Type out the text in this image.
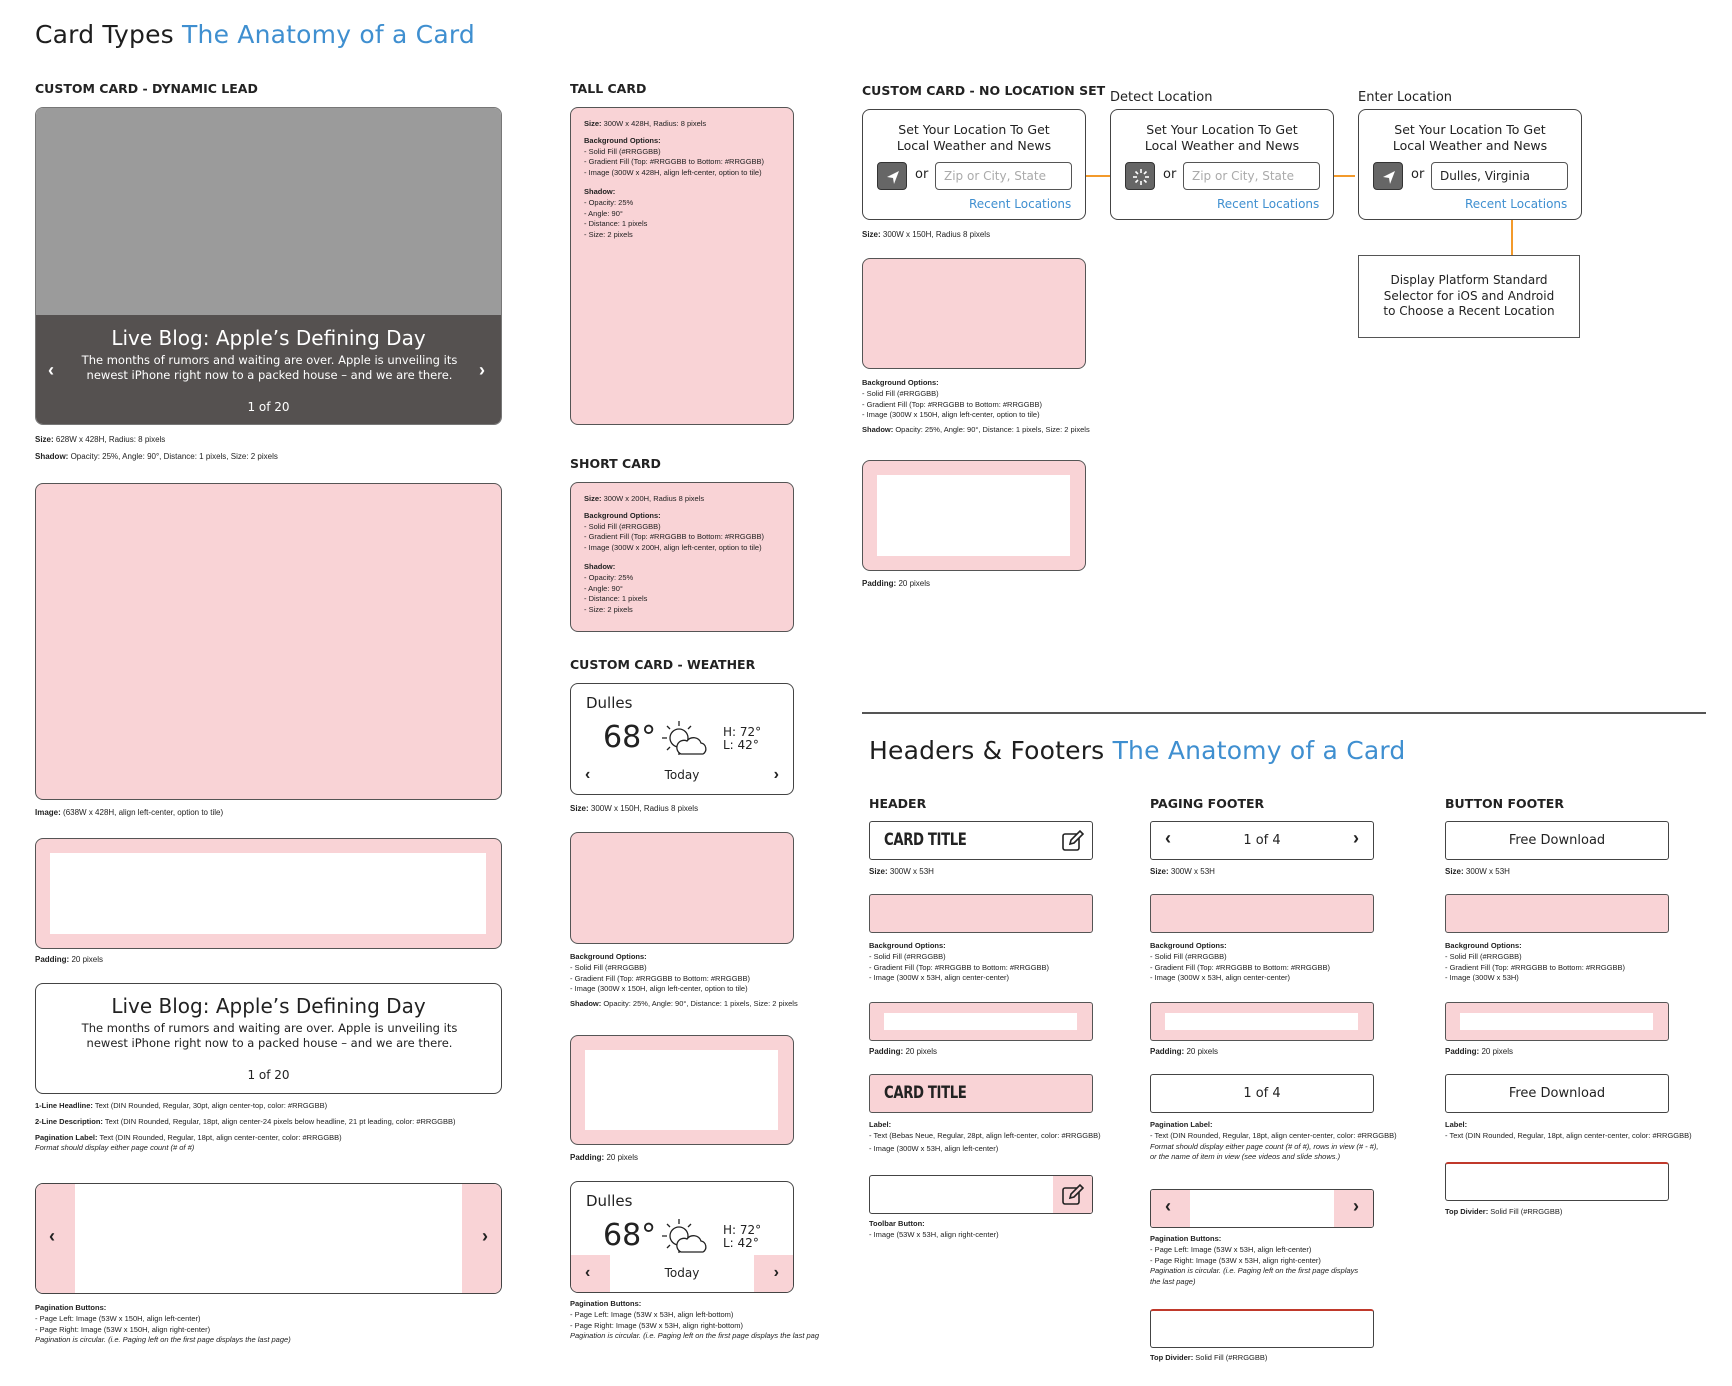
Card Types The Anatomy of a Card
CUSTOM CARD - DYNAMIC LEAD
Live Blog: Apple’s Defining Day
The months of rumors and waiting are over. Apple is unveiling its newest iPhone right now to a packed house – and we are there.
1 of 20
‹	›
Size: 628W x 428H, Radius: 8 pixels
Shadow: Opacity: 25%, Angle: 90°, Distance: 1 pixels, Size: 2 pixels
Image: (638W x 428H, align left-center, option to tile)
Padding: 20 pixels
Live Blog: Apple’s Defining Day
The months of rumors and waiting are over. Apple is unveiling its newest iPhone right now to a packed house – and we are there.
1 of 20
1-Line Headline: Text (DIN Rounded, Regular, 30pt, align center-top, color: #RRGGBB)
2-Line Description: Text (DIN Rounded, Regular, 18pt, align center-24 pixels below headline, 21 pt leading, color: #RRGGBB)
Pagination Label: Text (DIN Rounded, Regular, 18pt, align center-center, color: #RRGGBB)
Format should display either page count (# of #)
‹	›
Pagination Buttons:
- Page Left: Image (53W x 150H, align left-center)
- Page Right: Image (53W x 150H, align right-center)
Pagination is circular. (i.e. Paging left on the first page displays the last page)
TALL CARD
Size: 300W x 428H, Radius: 8 pixels
Background Options:
- Solid Fill (#RRGGBB)
- Gradient Fill (Top: #RRGGBB to Bottom: #RRGGBB)
- Image (300W x 428H, align left-center, option to tile)
Shadow:
- Opacity: 25%
- Angle: 90°
- Distance: 1 pixels
- Size: 2 pixels
SHORT CARD
Size: 300W x 200H, Radius 8 pixels
Background Options:
- Solid Fill (#RRGGBB)
- Gradient Fill (Top: #RRGGBB to Bottom: #RRGGBB)
- Image (300W x 200H, align left-center, option to tile)
Shadow:
- Opacity: 25%
- Angle: 90°
- Distance: 1 pixels
- Size: 2 pixels
CUSTOM CARD - WEATHER
Dulles
68°	H: 72°
L: 42°
‹	Today	›
Size: 300W x 150H, Radius 8 pixels
Background Options:
- Solid Fill (#RRGGBB)
- Gradient Fill (Top: #RRGGBB to Bottom: #RRGGBB)
- Image (300W x 150H, align left-center, option to tile)
Shadow: Opacity: 25%, Angle: 90°, Distance: 1 pixels, Size: 2 pixels
Padding: 20 pixels
Dulles
68°	H: 72°
L: 42°
‹	Today	›
Pagination Buttons:
- Page Left: Image (53W x 53H, align left-bottom)
- Page Right: Image (53W x 53H, align right-bottom)
Pagination is circular. (i.e. Paging left on the first page displays the last pag
CUSTOM CARD - NO LOCATION SET Detect Location	Enter Location
Set Your Location To Get
Local Weather and News
or	Zip or City, State
Recent Locations
Set Your Location To Get
Local Weather and News
or	Zip or City, State
Recent Locations
Set Your Location To Get
Local Weather and News
or	Dulles, Virginia
Recent Locations
Display Platform Standard
Selector for iOS and Android
to Choose a Recent Location
Size: 300W x 150H, Radius 8 pixels
Background Options:
- Solid Fill (#RRGGBB)
- Gradient Fill (Top: #RRGGBB to Bottom: #RRGGBB)
- Image (300W x 150H, align left-center, option to tile)
Shadow: Opacity: 25%, Angle: 90°, Distance: 1 pixels, Size: 2 pixels
Padding: 20 pixels
Headers & Footers The Anatomy of a Card
HEADER
CARD TITLE
Size: 300W x 53H
Background Options:
- Solid Fill (#RRGGBB)
- Gradient Fill (Top: #RRGGBB to Bottom: #RRGGBB)
- Image (300W x 53H, align center-center)
Padding: 20 pixels
CARD TITLE
Label:
- Text (Bebas Neue, Regular, 28pt, align left-center, color: #RRGGBB)
- Image (300W x 53H, align left-center)
Toolbar Button:
- Image (53W x 53H, align right-center)
PAGING FOOTER
‹	1 of 4	›
Size: 300W x 53H
Background Options:
- Solid Fill (#RRGGBB)
- Gradient Fill (Top: #RRGGBB to Bottom: #RRGGBB)
- Image (300W x 53H, align center-center)
Padding: 20 pixels
1 of 4
Pagination Label:
- Text (DIN Rounded, Regular, 18pt, align center-center, color: #RRGGBB)
Format should display either page count (# of #), rows in view (# - #),
or the name of item in view (see videos and slide shows.)
‹	›
Pagination Buttons:
- Page Left: Image (53W x 53H, align left-center)
- Page Right: Image (53W x 53H, align right-center)
Pagination is circular. (i.e. Paging left on the first page displays
the last page)
Top Divider: Solid Fill (#RRGGBB)
BUTTON FOOTER
Free Download
Size: 300W x 53H
Background Options:
- Solid Fill (#RRGGBB)
- Gradient Fill (Top: #RRGGBB to Bottom: #RRGGBB)
- Image (300W x 53H)
Padding: 20 pixels
Free Download
Label:
- Text (DIN Rounded, Regular, 18pt, align center-center, color: #RRGGBB)
Top Divider: Solid Fill (#RRGGBB)
